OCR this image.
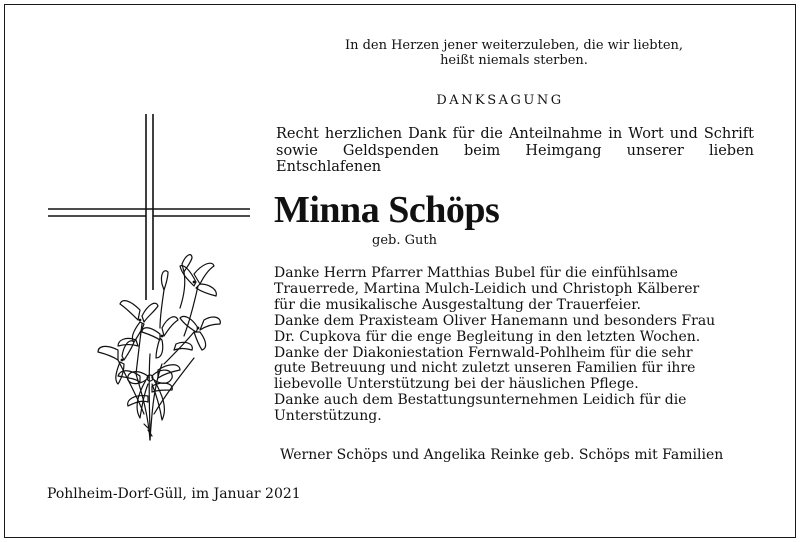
In den Herzen jener weiterzuleben, die wir liebten,
heißt niemals sterben.
DANKSAGUNG
Recht herzlichen Dank für die Anteilnahme in Wort und Schrift sowie Geldspenden beim Heimgang unserer lieben Entschlafenen
Minna Schöps
geb. Guth
Danke Herrn Pfarrer Matthias Bubel für die einfühlsame
Trauerrede, Martina Mulch-Leidich und Christoph Kälberer
für die musikalische Ausgestaltung der Trauerfeier.
Danke dem Praxisteam Oliver Hanemann und besonders Frau
Dr. Cupkova für die enge Begleitung in den letzten Wochen.
Danke der Diakoniestation Fernwald-Pohlheim für die sehr
gute Betreuung und nicht zuletzt unseren Familien für ihre
liebevolle Unterstützung bei der häuslichen Pflege.
Danke auch dem Bestattungsunternehmen Leidich für die
Unterstützung.
Werner Schöps und Angelika Reinke geb. Schöps mit Familien
Pohlheim-Dorf-Güll, im Januar 2021
